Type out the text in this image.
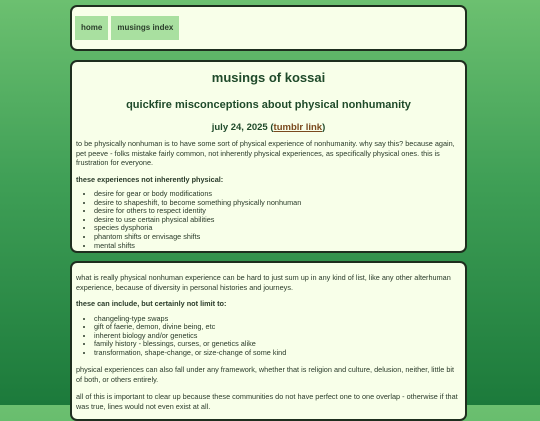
home	musings index
musings of kossai
quickfire misconceptions about physical nonhumanity
july 24, 2025 (tumblr link)

to be physically nonhuman is to have some sort of physical experience of nonhumanity. why say this? because again, pet peeve - folks mistake fairly common, not inherently physical experiences, as specifically physical ones. this is frustration for everyone.

these experiences not inherently physical:

• desire for gear or body modifications
• desire to shapeshift, to become something physically nonhuman
• desire for others to respect identity
• desire to use certain physical abilities
• species dysphoria
• phantom shifts or envisage shifts
• mental shifts

what is really physical nonhuman experience can be hard to just sum up in any kind of list, like any other alterhuman experience, because of diversity in personal histories and journeys.

these can include, but certainly not limit to:

• changeling-type swaps
• gift of faerie, demon, divine being, etc
• inherent biology and/or genetics
• family history - blessings, curses, or genetics alike
• transformation, shape-change, or size-change of some kind

physical experiences can also fall under any framework, whether that is religion and culture, delusion, neither, little bit of both, or others entirely.

all of this is important to clear up because these communities do not have perfect one to one overlap - otherwise if that was true, lines would not even exist at all.
